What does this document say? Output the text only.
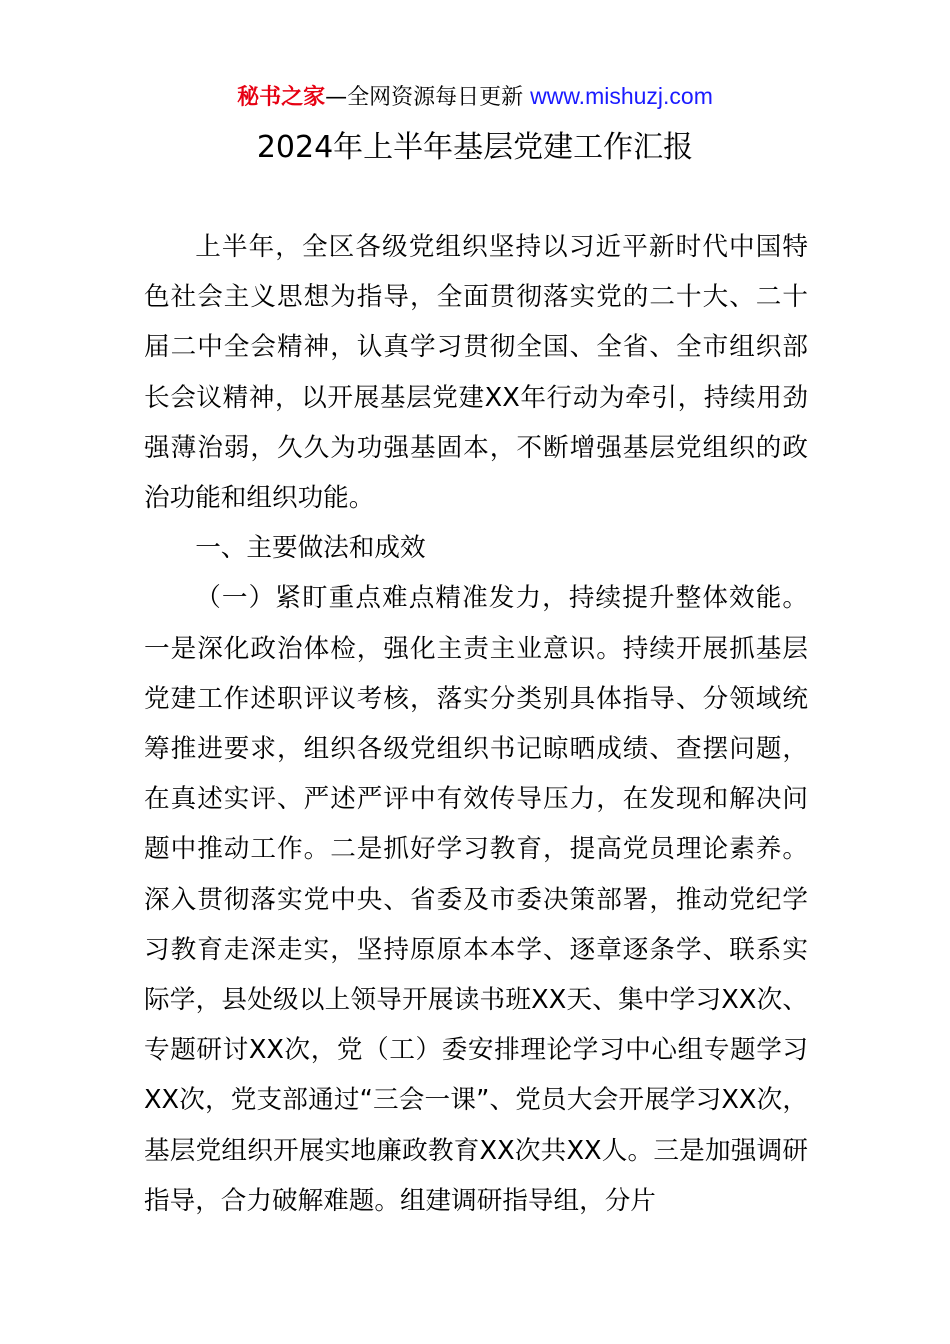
秘书之家—全网资源每日更新 www.mishuzj.com
2024年上半年基层党建工作汇报

上半年，全区各级党组织坚持以习近平新时代中国特色社会主义思想为指导，全面贯彻落实党的二十大、二十届二中全会精神，认真学习贯彻全国、全省、全市组织部长会议精神，以开展基层党建XX年行动为牵引，持续用劲强薄治弱，久久为功强基固本，不断增强基层党组织的政治功能和组织功能。

一、主要做法和成效

（一）紧盯重点难点精准发力，持续提升整体效能。一是深化政治体检，强化主责主业意识。持续开展抓基层党建工作述职评议考核，落实分类别具体指导、分领域统筹推进要求，组织各级党组织书记晾晒成绩、查摆问题，在真述实评、严述严评中有效传导压力，在发现和解决问题中推动工作。二是抓好学习教育，提高党员理论素养。深入贯彻落实党中央、省委及市委决策部署，推动党纪学习教育走深走实，坚持原原本本学、逐章逐条学、联系实际学，县处级以上领导开展读书班XX天、集中学习XX次、专题研讨XX次，党（工）委安排理论学习中心组专题学习XX次，党支部通过“三会一课”、党员大会开展学习XX次，基层党组织开展实地廉政教育XX次共XX人。三是加强调研指导，合力破解难题。组建调研指导组，分片
